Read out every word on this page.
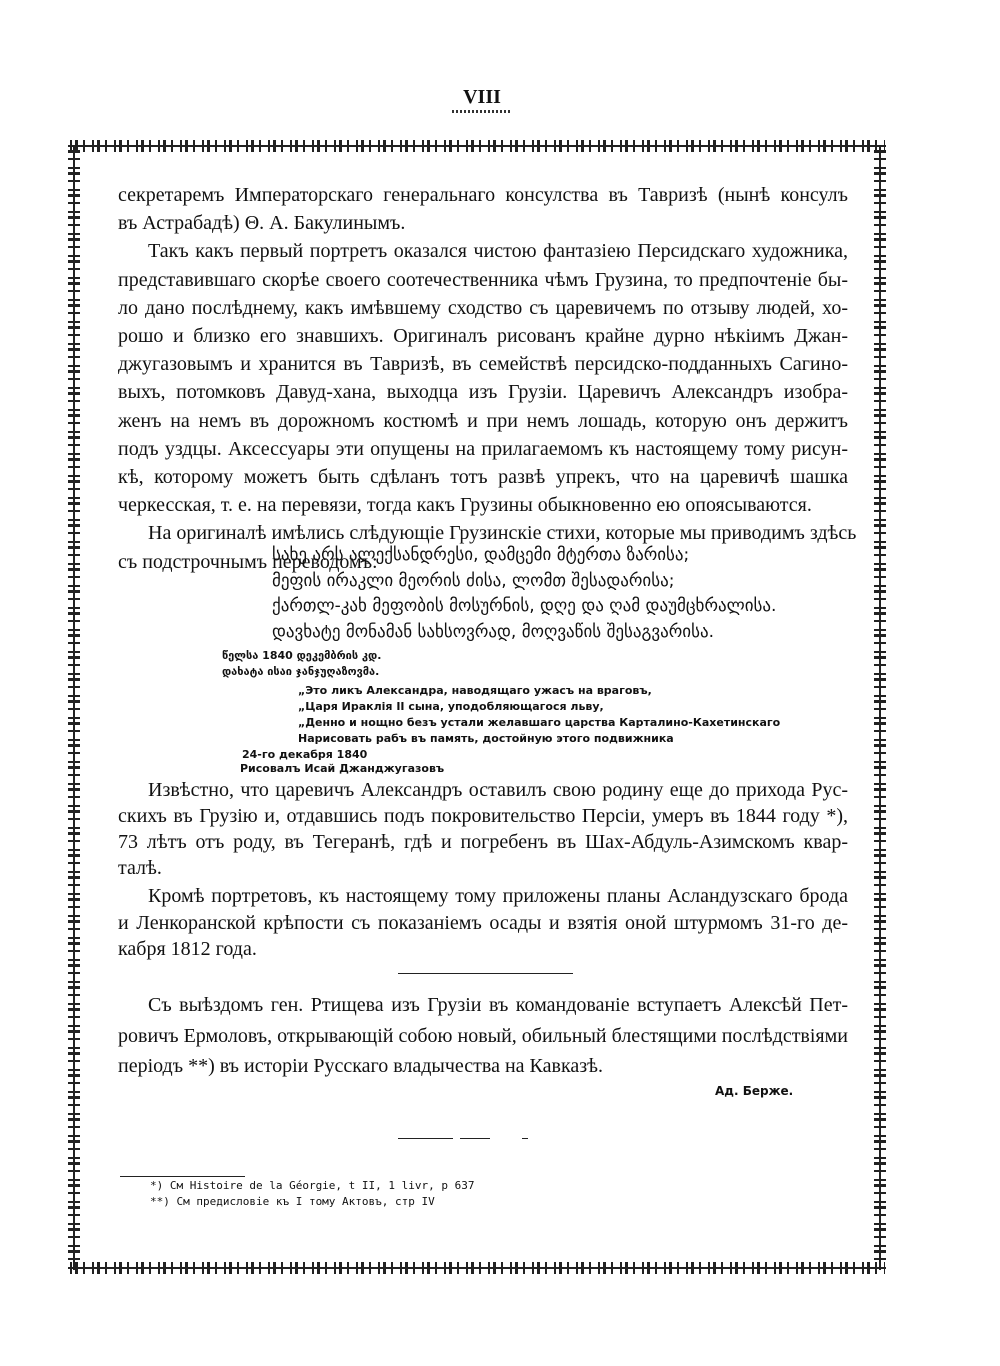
VIII
секретаремъ Императорскаго генеральнаго консулства въ Тавризѣ (нынѣ консулъ
въ Астрабадѣ) Θ. А. Бакулинымъ.
Такъ какъ первый портретъ оказался чистою фантазіею Персидскаго художника,
представившаго скорѣе своего соотечественника чѣмъ Грузина, то предпочтеніе бы-
ло дано послѣднему, какъ имѣвшему сходство съ царевичемъ по отзыву людей, хо-
рошо и близко его знавшихъ. Оригиналъ рисованъ крайне дурно нѣкіимъ Джан-
джугазовымъ и хранится въ Тавризѣ, въ семействѣ персидско-подданныхъ Сагино-
выхъ, потомковъ Давуд-хана, выходца изъ Грузіи. Царевичъ Александръ изобра-
женъ на немъ въ дорожномъ костюмѣ и при немъ лошадь, которую онъ держитъ
подъ уздцы. Аксессуары эти опущены на прилагаемомъ къ настоящему тому рисун-
кѣ, которому можетъ быть сдѣланъ тотъ развѣ упрекъ, что на царевичѣ шашка
черкесская, т. е. на перевязи, тогда какъ Грузины обыкновенно ею опоясываются.
На оригиналѣ имѣлись слѣдующіе Грузинскіе стихи, которые мы приводимъ здѣсь
съ подстрочнымъ переводомъ:
სახე არს ალექსანდრესი, დამცემი მტერთა ზარისა;
მეფის ირაკლი მეორის ძისა, ლომთ შესადარისა;
ქართლ-კახ მეფობის მოსურნის, დღე და ღამ დაუმცხრალისა.
დავხატე მონამან სახსოვრად, მოღვაწის შესაგვარისა.
წელსა 1840 დეკემბრის კდ.
დახატა ისაი ჯანჯუღაზოვმა.
„Это ликъ Александра, наводящаго ужасъ на враговъ,
„Царя Ираклія II сына, уподобляющагося льву,
„Денно и нощно безъ устали желавшаго царства Карталино-Кахетинскаго
Нарисовать рабъ въ память, достойную этого подвижника
24-го декабря 1840
Рисовалъ Исай Джанджугазовъ
Извѣстно, что царевичъ Александръ оставилъ свою родину еще до прихода Рус-
скихъ въ Грузію и, отдавшись подъ покровительство Персіи, умеръ въ 1844 году *),
73 лѣтъ отъ роду, въ Тегеранѣ, гдѣ и погребенъ въ Шах-Абдуль-Азимскомъ квар-
талѣ.
Кромѣ портретовъ, къ настоящему тому приложены планы Асландузскаго брода
и Ленкоранской крѣпости съ показаніемъ осады и взятія оной штурмомъ 31-го де-
кабря 1812 года.
Съ выѣздомъ ген. Ртищева изъ Грузіи въ командованіе вступаетъ Алексѣй Пет-
ровичъ Ермоловъ, открывающій собою новый, обильный блестящими послѣдствіями
періодъ **) въ исторіи Русскаго владычества на Кавказѣ.
Ад. Берже.
*) См Histoire de la Géorgie, t II, 1 livr, p 637
**) См предисловіе къ I тому Актовъ, стр IV
